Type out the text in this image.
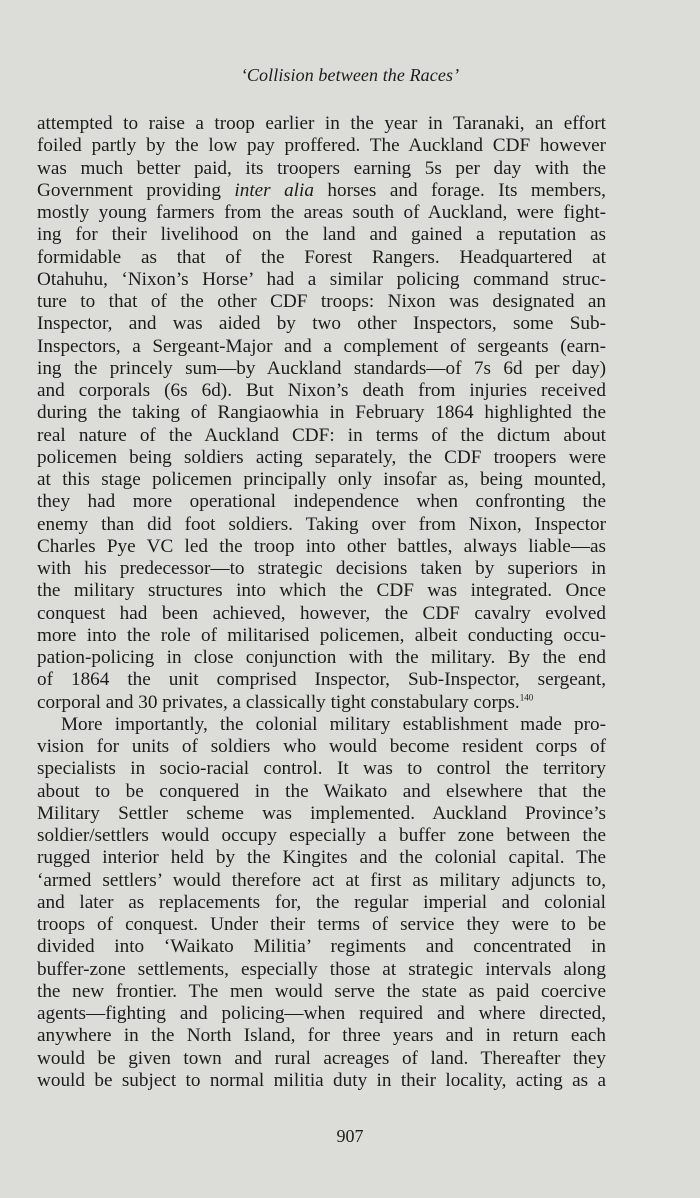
‘Collision between the Races’

attempted to raise a troop earlier in the year in Taranaki, an effort
foiled partly by the low pay proffered. The Auckland CDF however
was much better paid, its troopers earning 5s per day with the
Government providing inter alia horses and forage. Its members,
mostly young farmers from the areas south of Auckland, were fight-
ing for their livelihood on the land and gained a reputation as
formidable as that of the Forest Rangers. Headquartered at
Otahuhu, ‘Nixon’s Horse’ had a similar policing command struc-
ture to that of the other CDF troops: Nixon was designated an
Inspector, and was aided by two other Inspectors, some Sub-
Inspectors, a Sergeant-Major and a complement of sergeants (earn-
ing the princely sum—by Auckland standards—of 7s 6d per day)
and corporals (6s 6d). But Nixon’s death from injuries received
during the taking of Rangiaowhia in February 1864 highlighted the
real nature of the Auckland CDF: in terms of the dictum about
policemen being soldiers acting separately, the CDF troopers were
at this stage policemen principally only insofar as, being mounted,
they had more operational independence when confronting the
enemy than did foot soldiers. Taking over from Nixon, Inspector
Charles Pye VC led the troop into other battles, always liable—as
with his predecessor—to strategic decisions taken by superiors in
the military structures into which the CDF was integrated. Once
conquest had been achieved, however, the CDF cavalry evolved
more into the role of militarised policemen, albeit conducting occu-
pation-policing in close conjunction with the military. By the end
of 1864 the unit comprised Inspector, Sub-Inspector, sergeant,
corporal and 30 privates, a classically tight constabulary corps.$^{140}$

More importantly, the colonial military establishment made pro-
vision for units of soldiers who would become resident corps of
specialists in socio-racial control. It was to control the territory
about to be conquered in the Waikato and elsewhere that the
Military Settler scheme was implemented. Auckland Province’s
soldier/settlers would occupy especially a buffer zone between the
rugged interior held by the Kingites and the colonial capital. The
‘armed settlers’ would therefore act at first as military adjuncts to,
and later as replacements for, the regular imperial and colonial
troops of conquest. Under their terms of service they were to be
divided into ‘Waikato Militia’ regiments and concentrated in
buffer-zone settlements, especially those at strategic intervals along
the new frontier. The men would serve the state as paid coercive
agents—fighting and policing—when required and where directed,
anywhere in the North Island, for three years and in return each
would be given town and rural acreages of land. Thereafter they
would be subject to normal militia duty in their locality, acting as a

907
